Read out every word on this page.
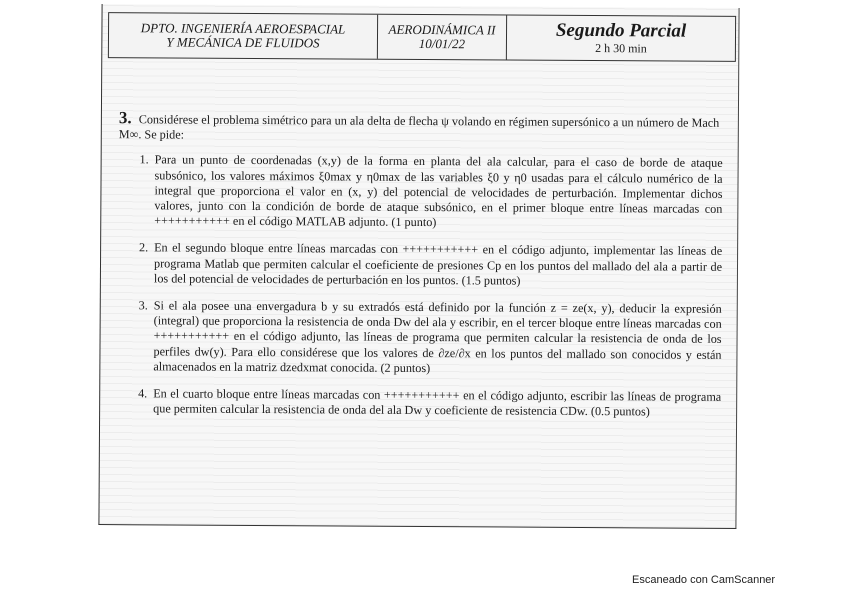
DPTO. INGENIERÍA AEROESPACIAL
Y MECÁNICA DE FLUIDOS
AERODINÁMICA II
10/01/22
Segundo Parcial
2 h 30 min

3. Considérese el problema simétrico para un ala delta de flecha ψ volando en régimen supersónico a un número de Mach M∞. Se pide:

1. Para un punto de coordenadas (x,y) de la forma en planta del ala calcular, para el caso de borde de ataque subsónico, los valores máximos ξ0max y η0max de las variables ξ0 y η0 usadas para el cálculo numérico de la integral que proporciona el valor en (x, y) del potencial de velocidades de perturbación. Implementar dichos valores, junto con la condición de borde de ataque subsónico, en el primer bloque entre líneas marcadas con +++++++++++ en el código MATLAB adjunto. (1 punto)
2. En el segundo bloque entre líneas marcadas con +++++++++++ en el código adjunto, implementar las líneas de programa Matlab que permiten calcular el coeficiente de presiones Cp en los puntos del mallado del ala a partir de los del potencial de velocidades de perturbación en los puntos. (1.5 puntos)
3. Si el ala posee una envergadura b y su extradós está definido por la función z = ze(x, y), deducir la expresión (integral) que proporciona la resistencia de onda Dw del ala y escribir, en el tercer bloque entre líneas marcadas con +++++++++++ en el código adjunto, las líneas de programa que permiten calcular la resistencia de onda de los perfiles dw(y). Para ello considérese que los valores de ∂ze/∂x en los puntos del mallado son conocidos y están almacenados en la matriz dzedxmat conocida. (2 puntos)
4. En el cuarto bloque entre líneas marcadas con +++++++++++ en el código adjunto, escribir las líneas de programa que permiten calcular la resistencia de onda del ala Dw y coeficiente de resistencia CDw. (0.5 puntos)
Escaneado con CamScanner
